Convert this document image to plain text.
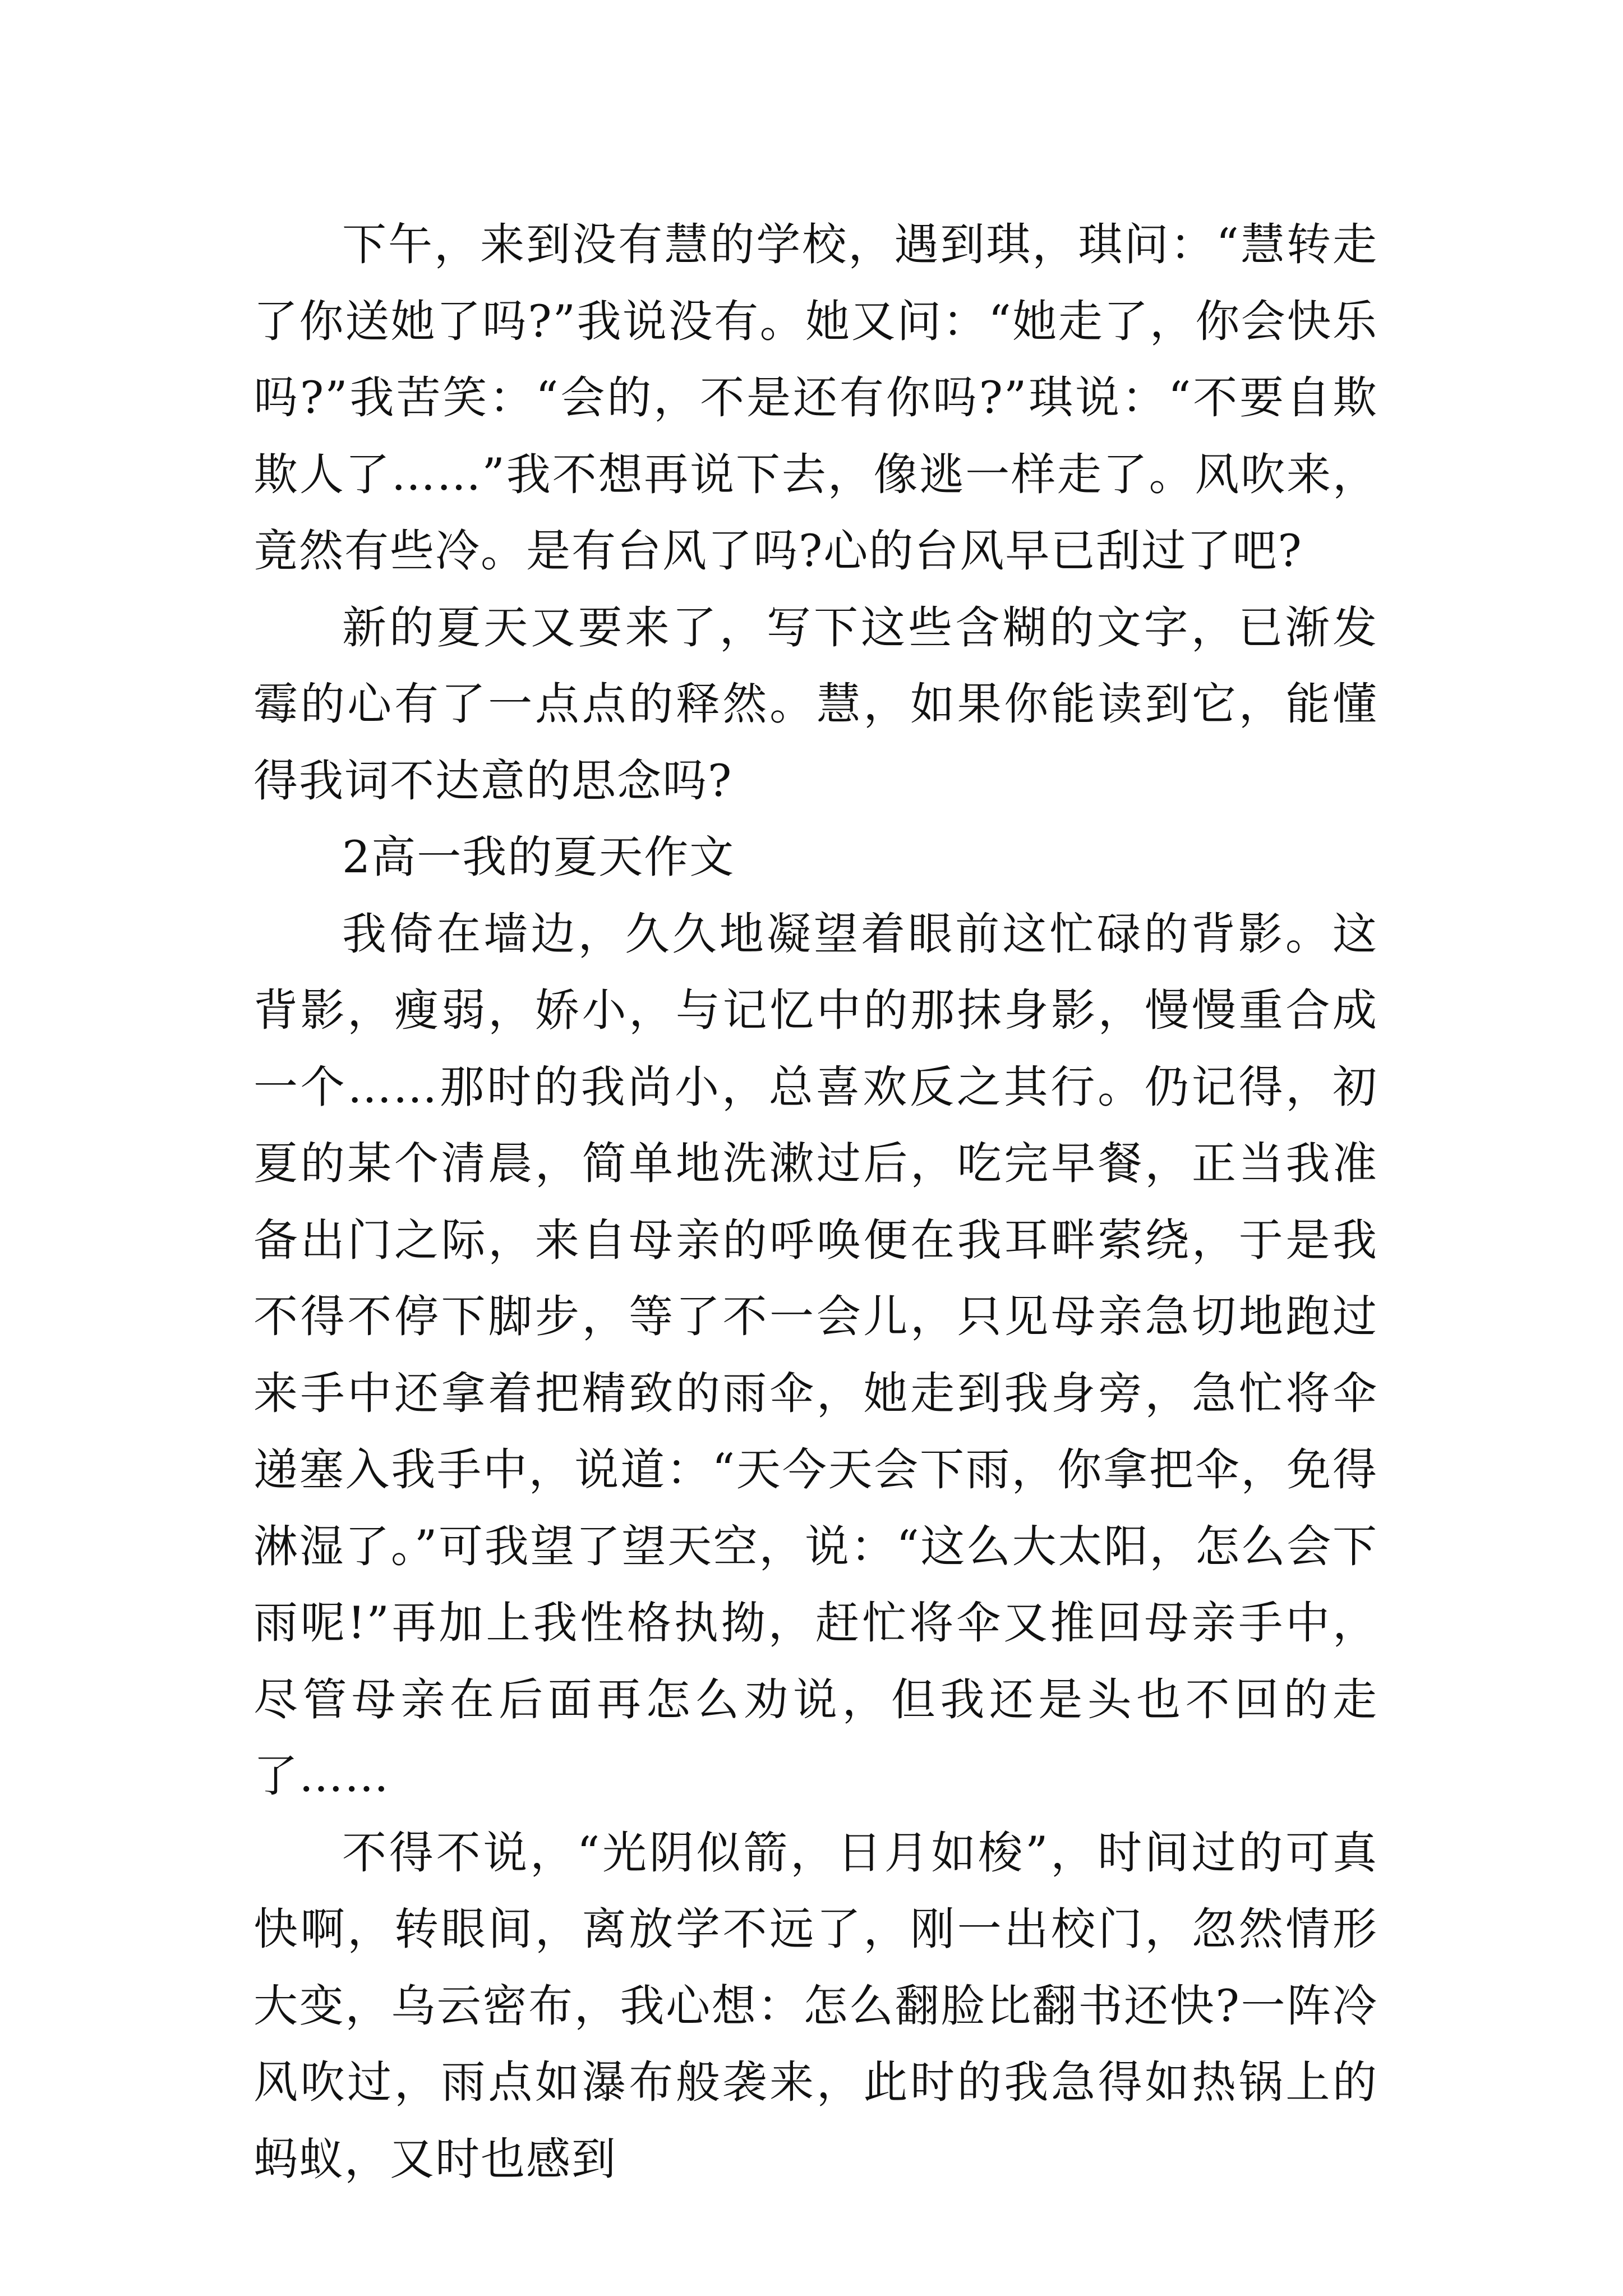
下午，来到没有慧的学校，遇到琪，琪问：“慧转走了你送她了吗?”我说没有。她又问：“她走了，你会快乐吗?”我苦笑：“会的，不是还有你吗?”琪说：“不要自欺欺人了……”我不想再说下去，像逃一样走了。风吹来，竟然有些冷。是有台风了吗?心的台风早已刮过了吧?

新的夏天又要来了，写下这些含糊的文字，已渐发霉的心有了一点点的释然。慧，如果你能读到它，能懂得我词不达意的思念吗?

2高一我的夏天作文

我倚在墙边，久久地凝望着眼前这忙碌的背影。这背影，瘦弱，娇小，与记忆中的那抹身影，慢慢重合成一个……那时的我尚小，总喜欢反之其行。仍记得，初夏的某个清晨，简单地洗漱过后，吃完早餐，正当我准备出门之际，来自母亲的呼唤便在我耳畔萦绕，于是我不得不停下脚步，等了不一会儿，只见母亲急切地跑过来手中还拿着把精致的雨伞，她走到我身旁，急忙将伞递塞入我手中，说道：“天今天会下雨，你拿把伞，免得淋湿了。”可我望了望天空，说：“这么大太阳，怎么会下雨呢!”再加上我性格执拗，赶忙将伞又推回母亲手中，尽管母亲在后面再怎么劝说，但我还是头也不回的走了……

不得不说，“光阴似箭，日月如梭”，时间过的可真快啊，转眼间，离放学不远了，刚一出校门，忽然情形大变，乌云密布，我心想：怎么翻脸比翻书还快?一阵冷风吹过，雨点如瀑布般袭来，此时的我急得如热锅上的蚂蚁，又时也感到
